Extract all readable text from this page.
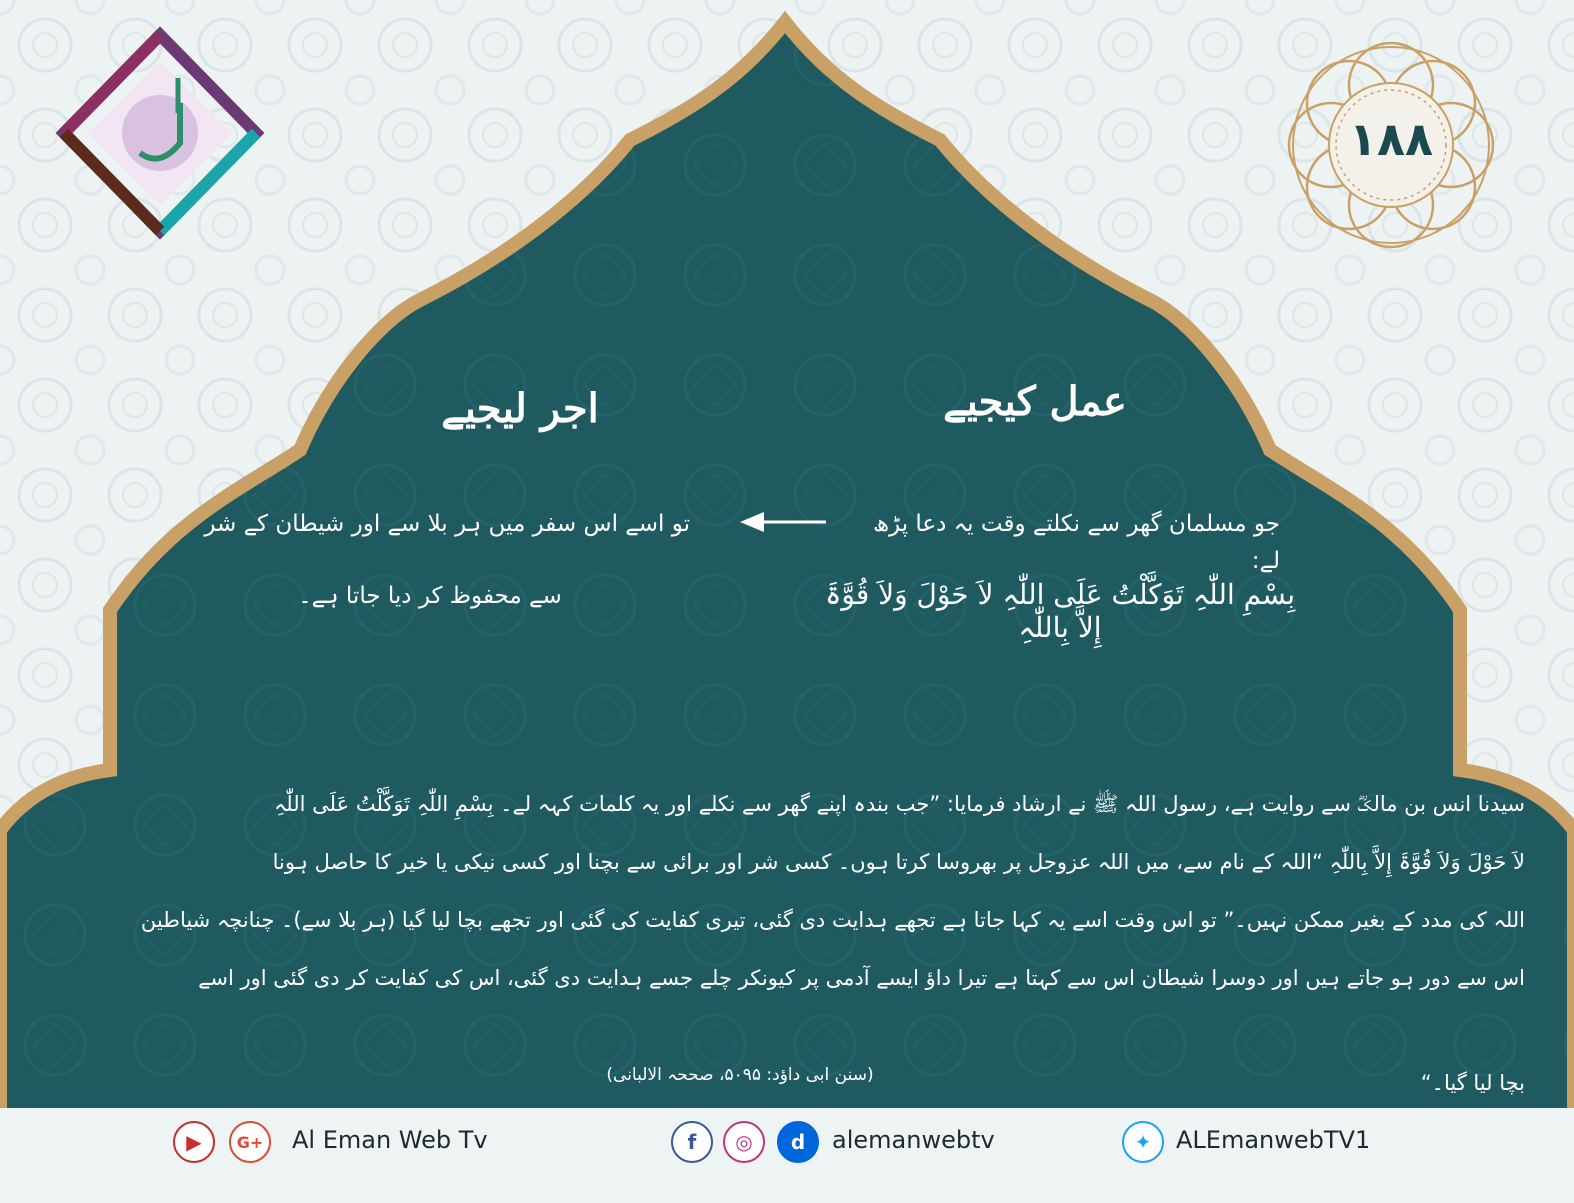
۱۸۸
عمل کیجیے
اجر لیجیے
جو مسلمان گھر سے نکلتے وقت یہ دعا پڑھ لے:
بِسْمِ اللّٰہِ تَوَکَّلْتُ عَلَی اللّٰہِ لاَ حَوْلَ وَلاَ قُوَّۃَ إِلاَّ بِاللّٰہِ
تو اسے اس سفر میں ہر بلا سے اور شیطان کے شر
سے محفوظ کر دیا جاتا ہے۔
سیدنا انس بن مالکؓ سے روایت ہے، رسول اللہ ﷺ نے ارشاد فرمایا: ”جب بندہ اپنے گھر سے نکلے اور یہ کلمات کہہ لے۔ بِسْمِ اللّٰہِ تَوَکَّلْتُ عَلَی اللّٰہِ
لاَ حَوْلَ وَلاَ قُوَّۃَ إِلاَّ بِاللّٰہِ “اللہ کے نام سے، میں اللہ عزوجل پر بھروسا کرتا ہوں۔ کسی شر اور برائی سے بچنا اور کسی نیکی یا خیر کا حاصل ہونا
اللہ کی مدد کے بغیر ممکن نہیں۔” تو اس وقت اسے یہ کہا جاتا ہے تجھے ہدایت دی گئی، تیری کفایت کی گئی اور تجھے بچا لیا گیا (ہر بلا سے)۔ چنانچہ شیاطین
اس سے دور ہو جاتے ہیں اور دوسرا شیطان اس سے کہتا ہے تیرا داؤ ایسے آدمی پر کیونکر چلے جسے ہدایت دی گئی، اس کی کفایت کر دی گئی اور اسے
بچا لیا گیا۔“
(سنن ابی داؤد: ۵۰۹۵، صححہ الالبانی)
▶	G+	Al Eman Web Tv	f	◎	d	alemanwebtv	✦	ALEmanwebTV1
